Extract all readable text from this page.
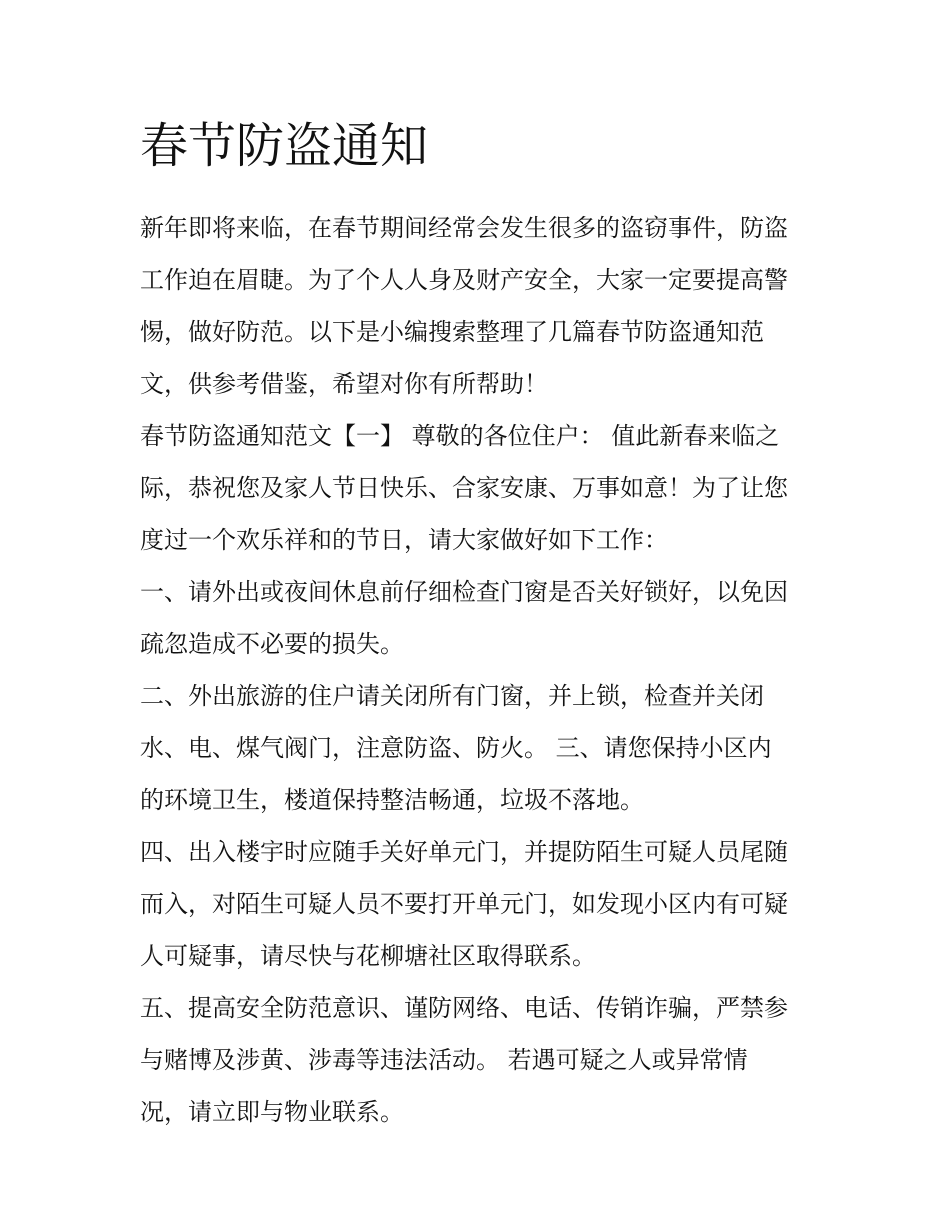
春节防盗通知

新年即将来临，在春节期间经常会发生很多的盗窃事件，防盗
工作迫在眉睫。为了个人人身及财产安全，大家一定要提高警
惕，做好防范。以下是小编搜索整理了几篇春节防盗通知范
文，供参考借鉴，希望对你有所帮助！

春节防盗通知范文【一】 尊敬的各位住户： 值此新春来临之
际，恭祝您及家人节日快乐、合家安康、万事如意！为了让您
度过一个欢乐祥和的节日，请大家做好如下工作：

一、请外出或夜间休息前仔细检查门窗是否关好锁好，以免因
疏忽造成不必要的损失。

二、外出旅游的住户请关闭所有门窗，并上锁，检查并关闭
水、电、煤气阀门，注意防盗、防火。 三、请您保持小区内
的环境卫生，楼道保持整洁畅通，垃圾不落地。

四、出入楼宇时应随手关好单元门，并提防陌生可疑人员尾随
而入，对陌生可疑人员不要打开单元门，如发现小区内有可疑
人可疑事，请尽快与花柳塘社区取得联系。

五、提高安全防范意识、谨防网络、电话、传销诈骗，严禁参
与赌博及涉黄、涉毒等违法活动。 若遇可疑之人或异常情
况，请立即与物业联系。
